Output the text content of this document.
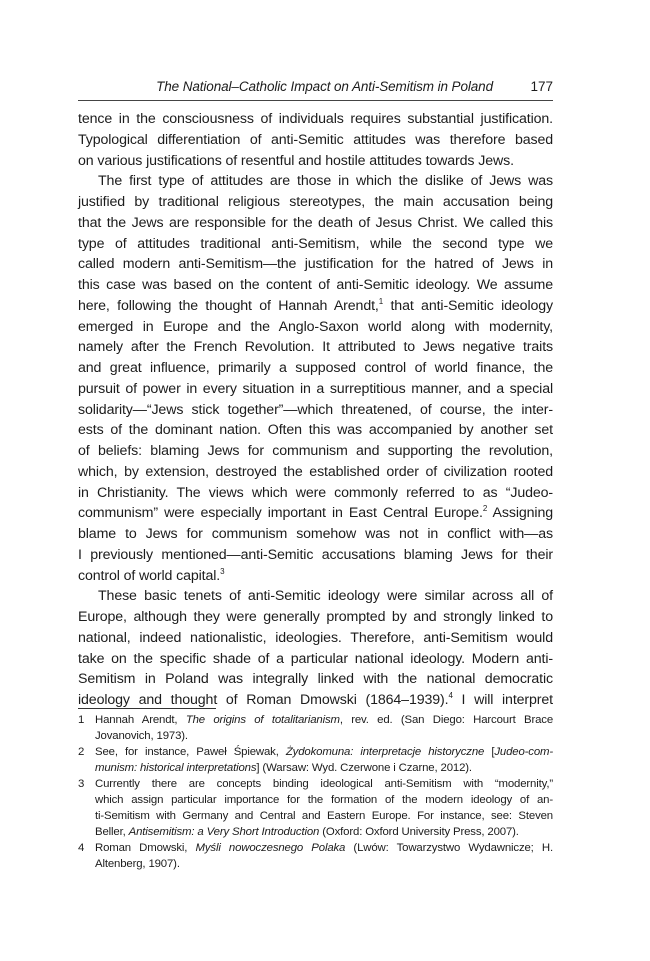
The National–Catholic Impact on Anti-Semitism in Poland	177
tence in the consciousness of individuals requires substantial justification.
Typological differentiation of anti-Semitic attitudes was therefore based
on various justifications of resentful and hostile attitudes towards Jews.
The first type of attitudes are those in which the dislike of Jews was
justified by traditional religious stereotypes, the main accusation being
that the Jews are responsible for the death of Jesus Christ. We called this
type of attitudes traditional anti-Semitism, while the second type we
called modern anti-Semitism—the justification for the hatred of Jews in
this case was based on the content of anti-Semitic ideology. We assume
here, following the thought of Hannah Arendt,$^1$ that anti-Semitic ideology
emerged in Europe and the Anglo-Saxon world along with modernity,
namely after the French Revolution. It attributed to Jews negative traits
and great influence, primarily a supposed control of world finance, the
pursuit of power in every situation in a surreptitious manner, and a special
solidarity—“Jews stick together”—which threatened, of course, the inter-
ests of the dominant nation. Often this was accompanied by another set
of beliefs: blaming Jews for communism and supporting the revolution,
which, by extension, destroyed the established order of civilization rooted
in Christianity. The views which were commonly referred to as “Judeo-
communism” were especially important in East Central Europe.$^2$ Assigning
blame to Jews for communism somehow was not in conflict with—as
I previously mentioned—anti-Semitic accusations blaming Jews for their
control of world capital.$^3$
These basic tenets of anti-Semitic ideology were similar across all of
Europe, although they were generally prompted by and strongly linked to
national, indeed nationalistic, ideologies. Therefore, anti-Semitism would
take on the specific shade of a particular national ideology. Modern anti-
Semitism in Poland was integrally linked with the national democratic
ideology and thought of Roman Dmowski (1864–1939).$^4$ I will interpret
1 Hannah Arendt, The origins of totalitarianism, rev. ed. (San Diego: Harcourt Brace
Jovanovich, 1973).
2 See, for instance, Paweł Śpiewak, Żydokomuna: interpretacje historyczne [Judeo-com-
munism: historical interpretations] (Warsaw: Wyd. Czerwone i Czarne, 2012).
3 Currently there are concepts binding ideological anti-Semitism with “modernity,”
which assign particular importance for the formation of the modern ideology of an-
ti-Semitism with Germany and Central and Eastern Europe. For instance, see: Steven
Beller, Antisemitism: a Very Short Introduction (Oxford: Oxford University Press, 2007).
4 Roman Dmowski, Myśli nowoczesnego Polaka (Lwów: Towarzystwo Wydawnicze; H.
Altenberg, 1907).
